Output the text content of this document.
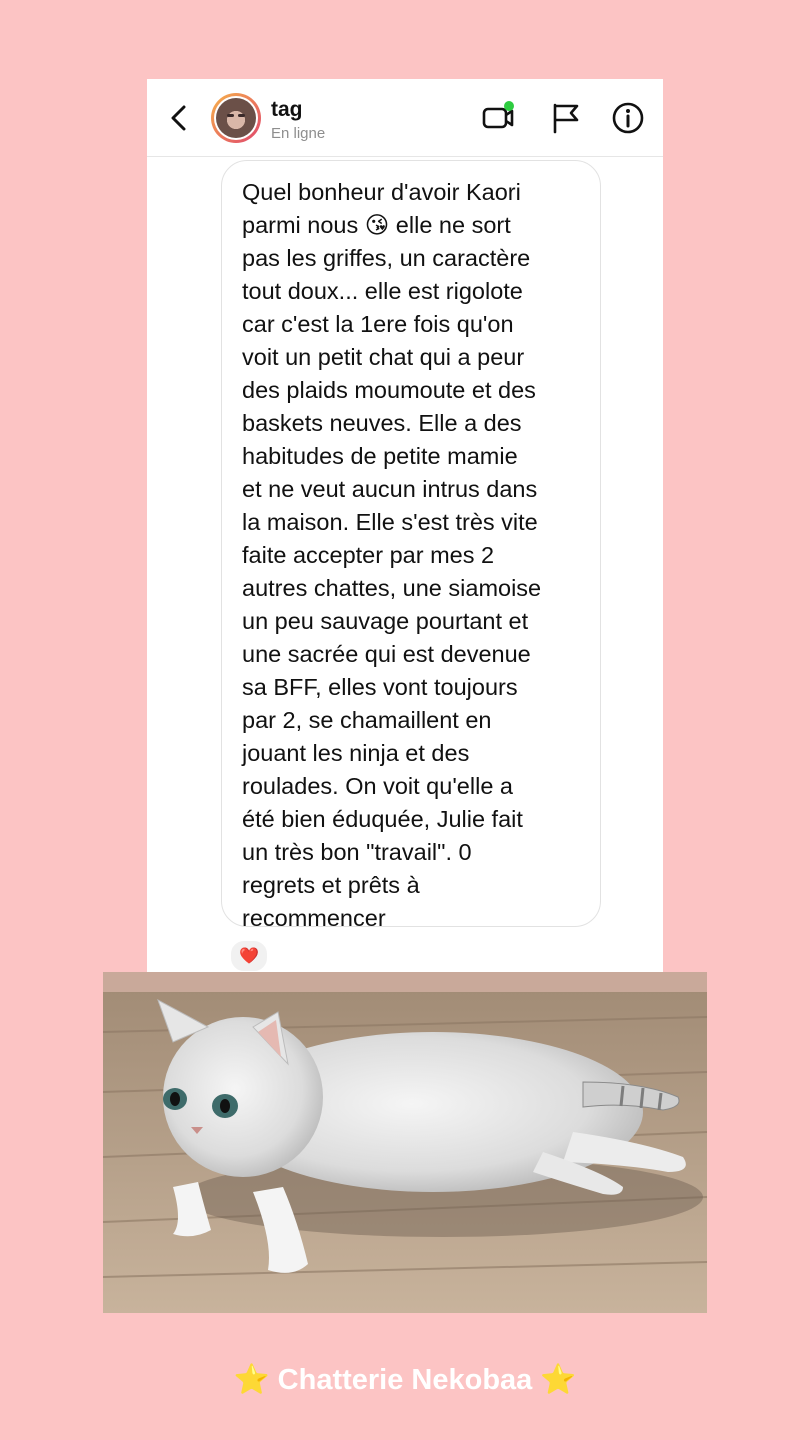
tag
En ligne

Quel bonheur d'avoir Kaori
parmi nous 😘 elle ne sort
pas les griffes, un caractère
tout doux... elle est rigolote
car c'est la 1ere fois qu'on
voit un petit chat qui a peur
des plaids moumoute et des
baskets neuves. Elle a des
habitudes de petite mamie
et ne veut aucun intrus dans
la maison. Elle s'est très vite
faite accepter par mes 2
autres chattes, une siamoise
un peu sauvage pourtant et
une sacrée qui est devenue
sa BFF, elles vont toujours
par 2, se chamaillent en
jouant les ninja et des
roulades. On voit qu'elle a
été bien éduquée, Julie fait
un très bon "travail". 0
regrets et prêts à
recommencer

❤️
⭐ Chatterie Nekobaa ⭐
